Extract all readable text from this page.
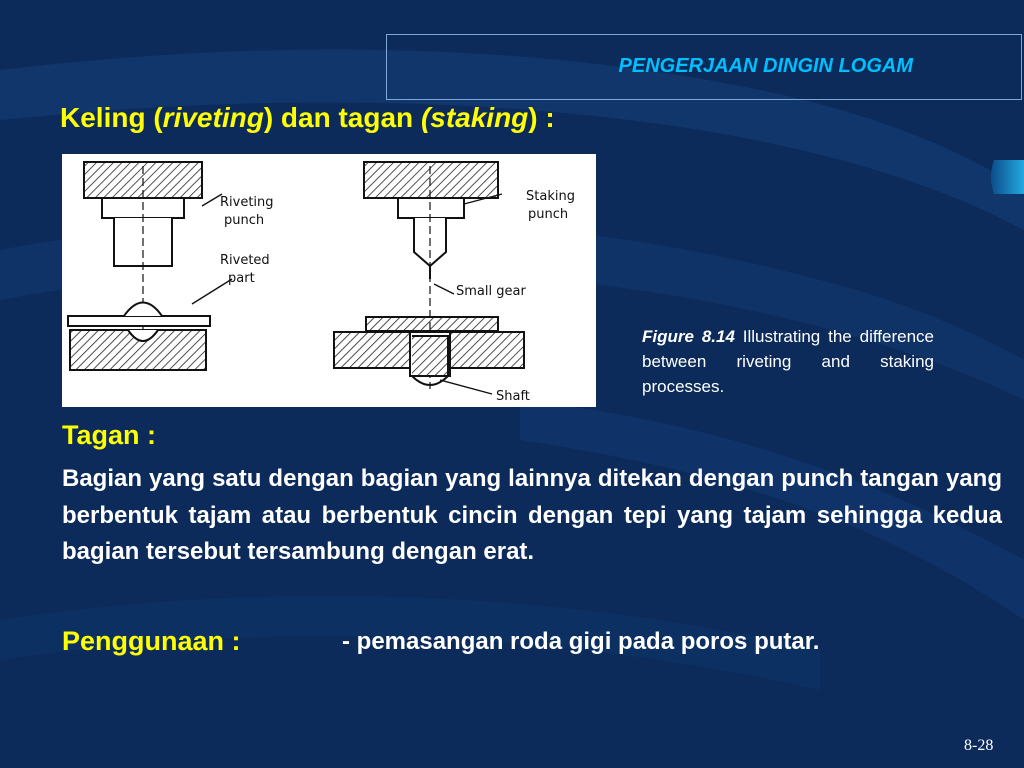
PENGERJAAN DINGIN LOGAM
Keling (riveting) dan tagan (staking) :
Riveting
punch
Riveted
part
Staking
punch
Small gear
Shaft
Figure 8.14 Illustrating the difference between riveting and staking processes.
Tagan :
Bagian yang satu dengan bagian yang lainnya ditekan dengan punch tangan yang berbentuk tajam atau berbentuk cincin dengan tepi yang tajam sehingga kedua bagian tersebut tersambung dengan erat.
Penggunaan :	- pemasangan roda gigi pada poros putar.
8-28
